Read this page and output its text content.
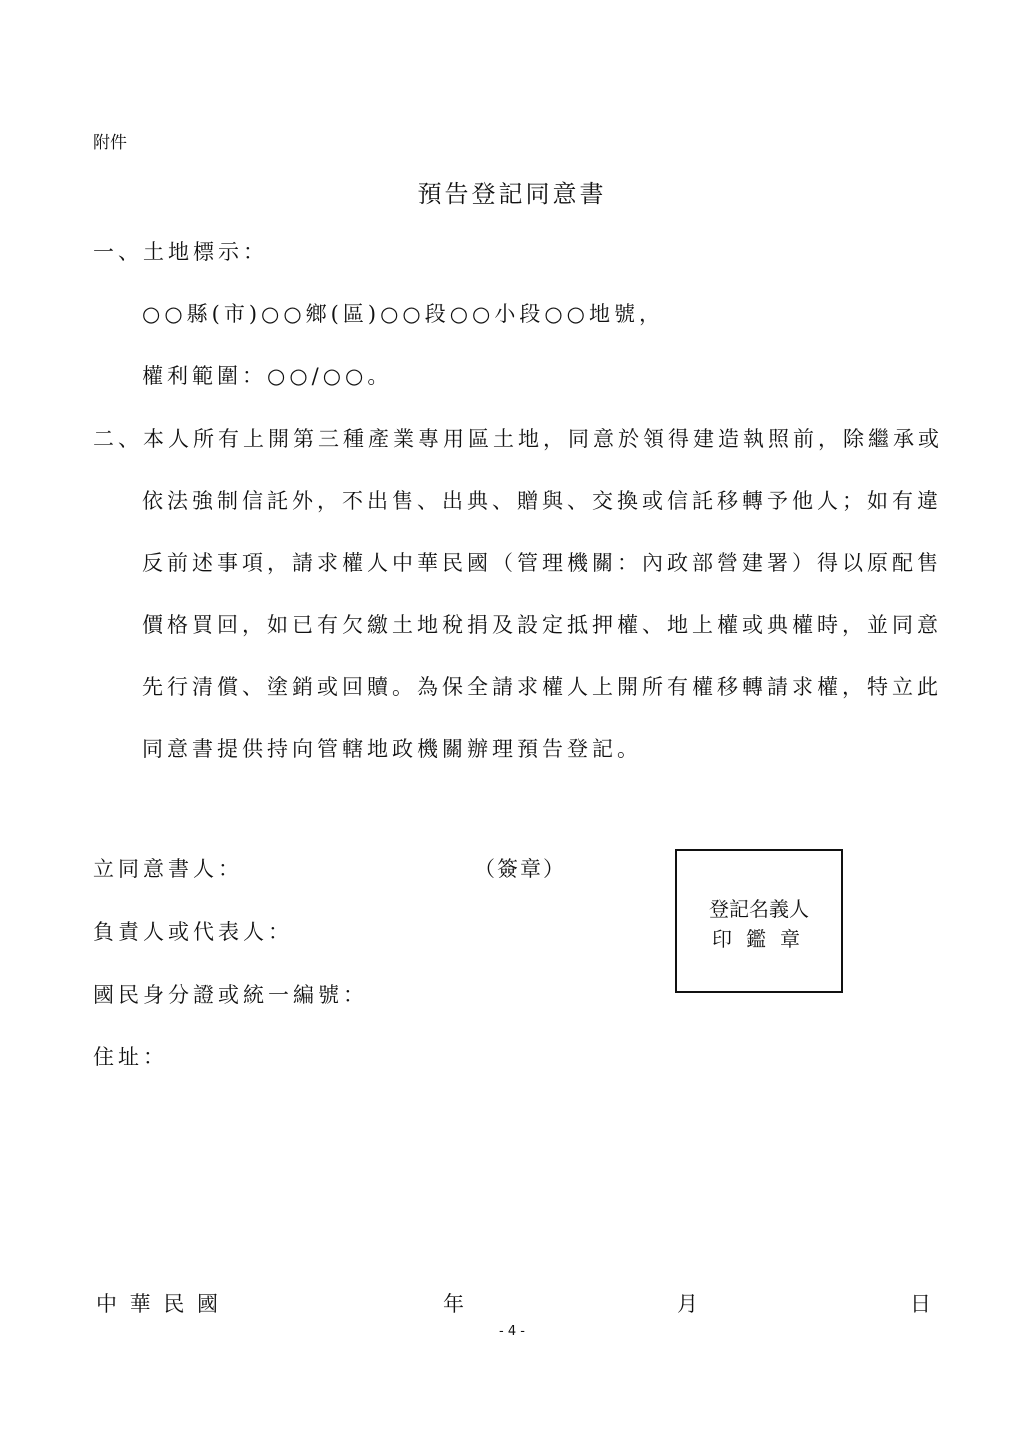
附件
預告登記同意書
一、土地標示：
○○縣(市)○○鄉(區)○○段○○小段○○地號，
權利範圍：○○/○○。
二、本人所有上開第三種產業專用區土地，同意於領得建造執照前，除繼承或
依法強制信託外，不出售、出典、贈與、交換或信託移轉予他人；如有違
反前述事項，請求權人中華民國（管理機關：內政部營建署）得以原配售
價格買回，如已有欠繳土地稅捐及設定抵押權、地上權或典權時，並同意
先行清償、塗銷或回贖。為保全請求權人上開所有權移轉請求權，特立此
同意書提供持向管轄地政機關辦理預告登記。
立同意書人：	（簽章）
負責人或代表人：
國民身分證或統一編號：
住址：
登記名義人
印鑑章
中 華 民 國	年	月	日
- 4 -
